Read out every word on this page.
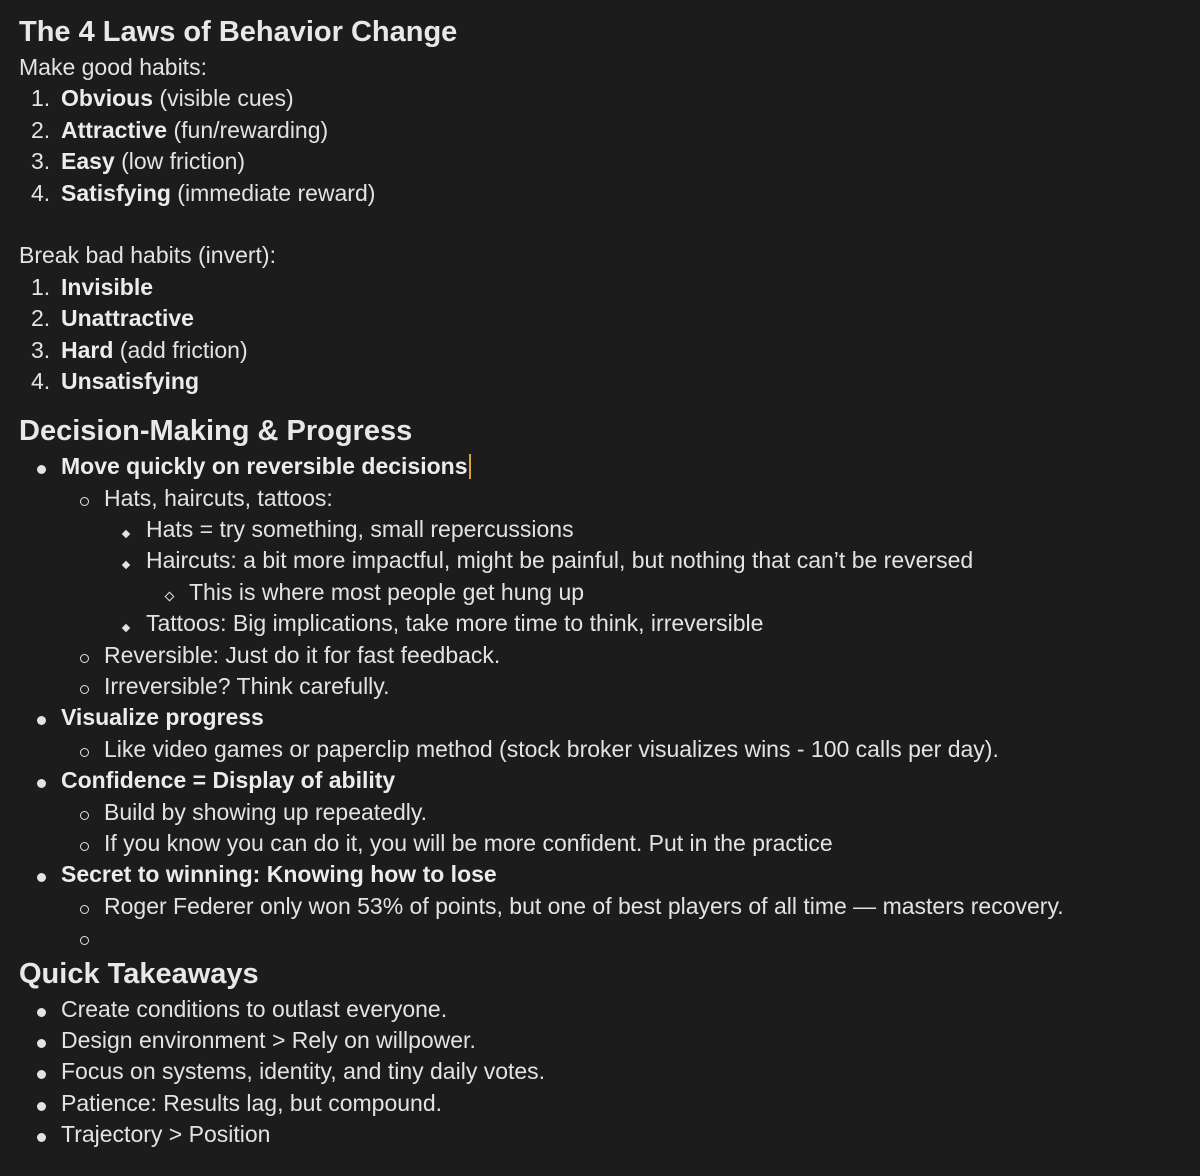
The 4 Laws of Behavior Change
Make good habits:
1. Obvious (visible cues)
2. Attractive (fun/rewarding)
3. Easy (low friction)
4. Satisfying (immediate reward)
Break bad habits (invert):
1. Invisible
2. Unattractive
3. Hard (add friction)
4. Unsatisfying
Decision-Making & Progress
Move quickly on reversible decisions
Hats, haircuts, tattoos:
Hats = try something, small repercussions
Haircuts: a bit more impactful, might be painful, but nothing that can’t be reversed
This is where most people get hung up
Tattoos: Big implications, take more time to think, irreversible
Reversible: Just do it for fast feedback.
Irreversible? Think carefully.
Visualize progress
Like video games or paperclip method (stock broker visualizes wins - 100 calls per day).
Confidence = Display of ability
Build by showing up repeatedly.
If you know you can do it, you will be more confident. Put in the practice
Secret to winning: Knowing how to lose
Roger Federer only won 53% of points, but one of best players of all time — masters recovery.
Quick Takeaways
Create conditions to outlast everyone.
Design environment > Rely on willpower.
Focus on systems, identity, and tiny daily votes.
Patience: Results lag, but compound.
Trajectory > Position
